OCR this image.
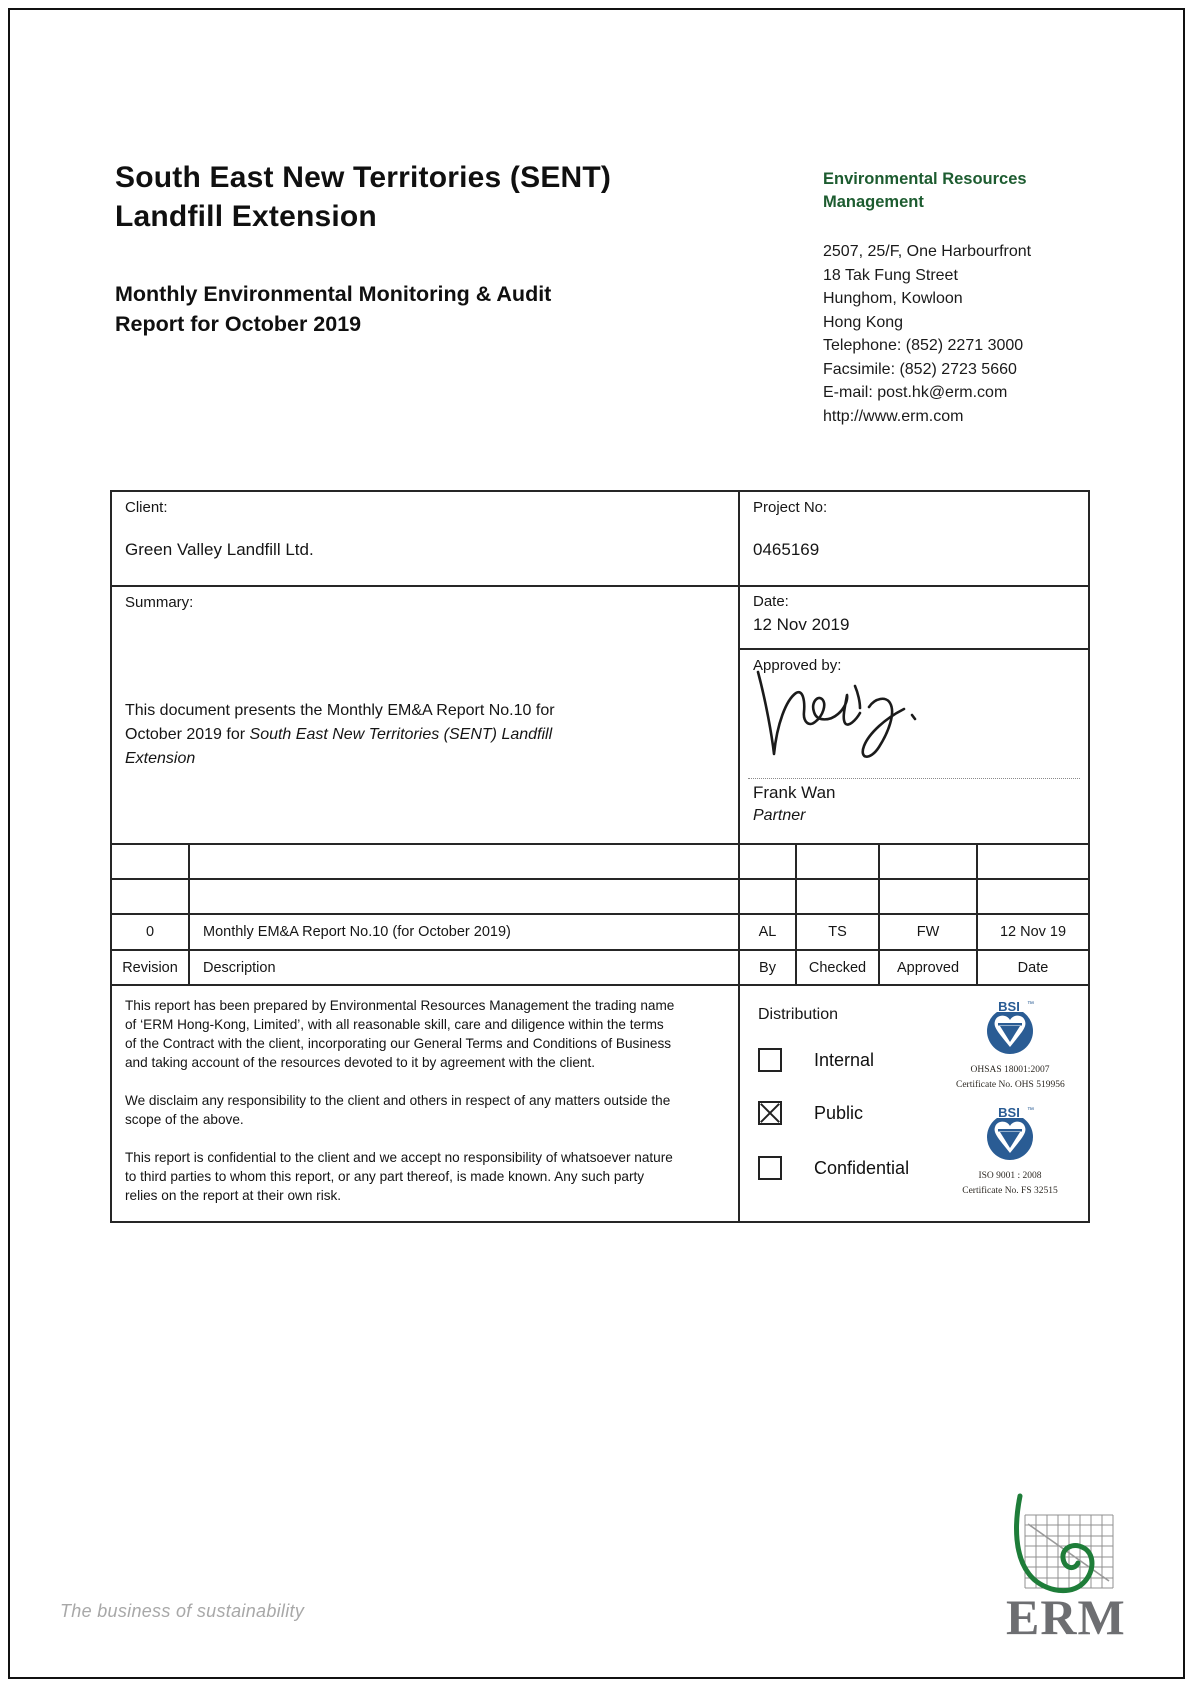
South East New Territories (SENT)
Landfill Extension
Monthly Environmental Monitoring & Audit
Report for October 2019
Environmental Resources
Management
2507, 25/F, One Harbourfront
18 Tak Fung Street
Hunghom, Kowloon
Hong Kong
Telephone: (852) 2271 3000
Facsimile: (852) 2723 5660
E-mail: post.hk@erm.com
http://www.erm.com
Client:
Green Valley Landfill Ltd.
Project No:
0465169
Summary:
This document presents the Monthly EM&A Report No.10 for October 2019 for South East New Territories (SENT) Landfill Extension
Date:
12 Nov 2019
Approved by:
Frank Wan
Partner
0	Monthly EM&A Report No.10 (for October 2019)	AL	TS	FW	12 Nov 19
Revision	Description	By	Checked	Approved	Date
This report has been prepared by Environmental Resources Management the trading name
of ‘ERM Hong-Kong, Limited’, with all reasonable skill, care and diligence within the terms
of the Contract with the client, incorporating our General Terms and Conditions of Business
and taking account of the resources devoted to it by agreement with the client.
We disclaim any responsibility to the client and others in respect of any matters outside the
scope of the above.
This report is confidential to the client and we accept no responsibility of whatsoever nature
to third parties to whom this report, or any part thereof, is made known. Any such party
relies on the report at their own risk.
Distribution
Internal
Public
Confidential
BSI ™
OHSAS 18001:2007
Certificate No. OHS 519956
BSI ™
ISO 9001 : 2008
Certificate No. FS 32515
ERM
The business of sustainability
